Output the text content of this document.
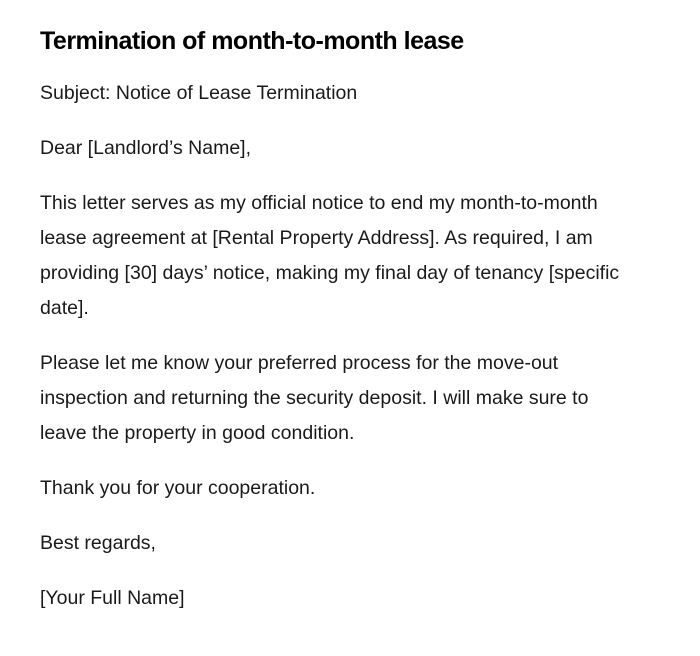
Termination of month-to-month lease

Subject: Notice of Lease Termination

Dear [Landlord’s Name],

This letter serves as my official notice to end my month-to-month lease agreement at [Rental Property Address]. As required, I am providing [30] days’ notice, making my final day of tenancy [specific date].

Please let me know your preferred process for the move-out inspection and returning the security deposit. I will make sure to leave the property in good condition.

Thank you for your cooperation.

Best regards,

[Your Full Name]
